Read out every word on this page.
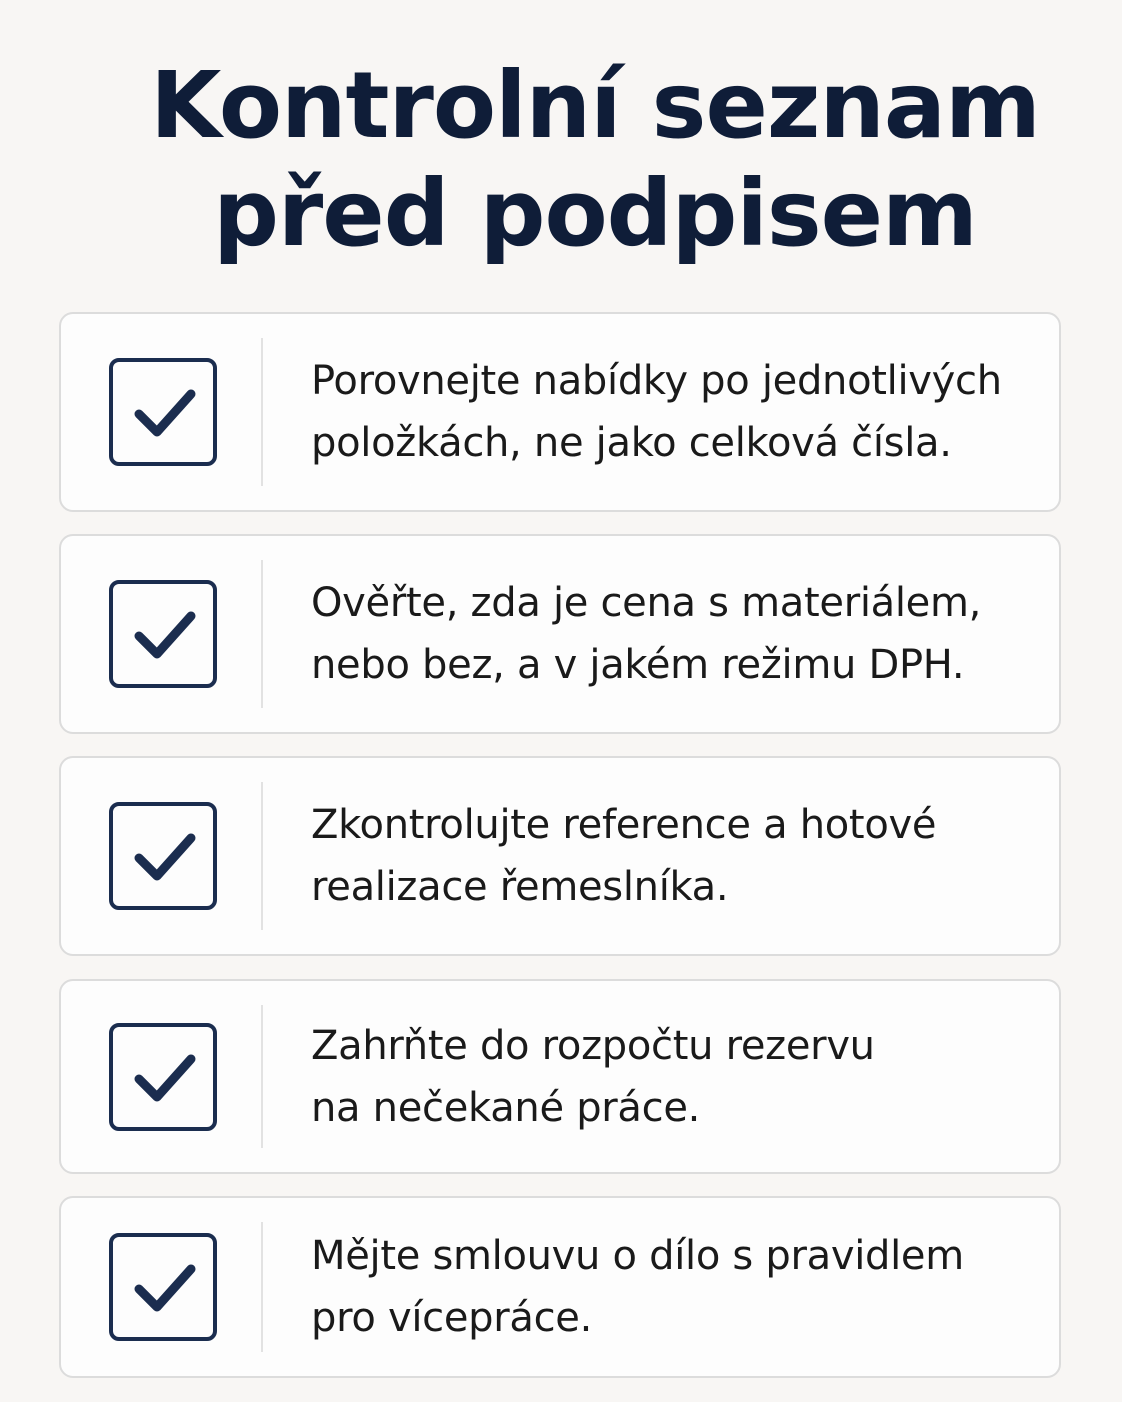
Kontrolní seznam
před podpisem
Porovnejte nabídky po jednotlivých
položkách, ne jako celková čísla.
Ověřte, zda je cena s materiálem,
nebo bez, a v jakém režimu DPH.
Zkontrolujte reference a hotové
realizace řemeslníka.
Zahrňte do rozpočtu rezervu
na nečekané práce.
Mějte smlouvu o dílo s pravidlem
pro vícepráce.
